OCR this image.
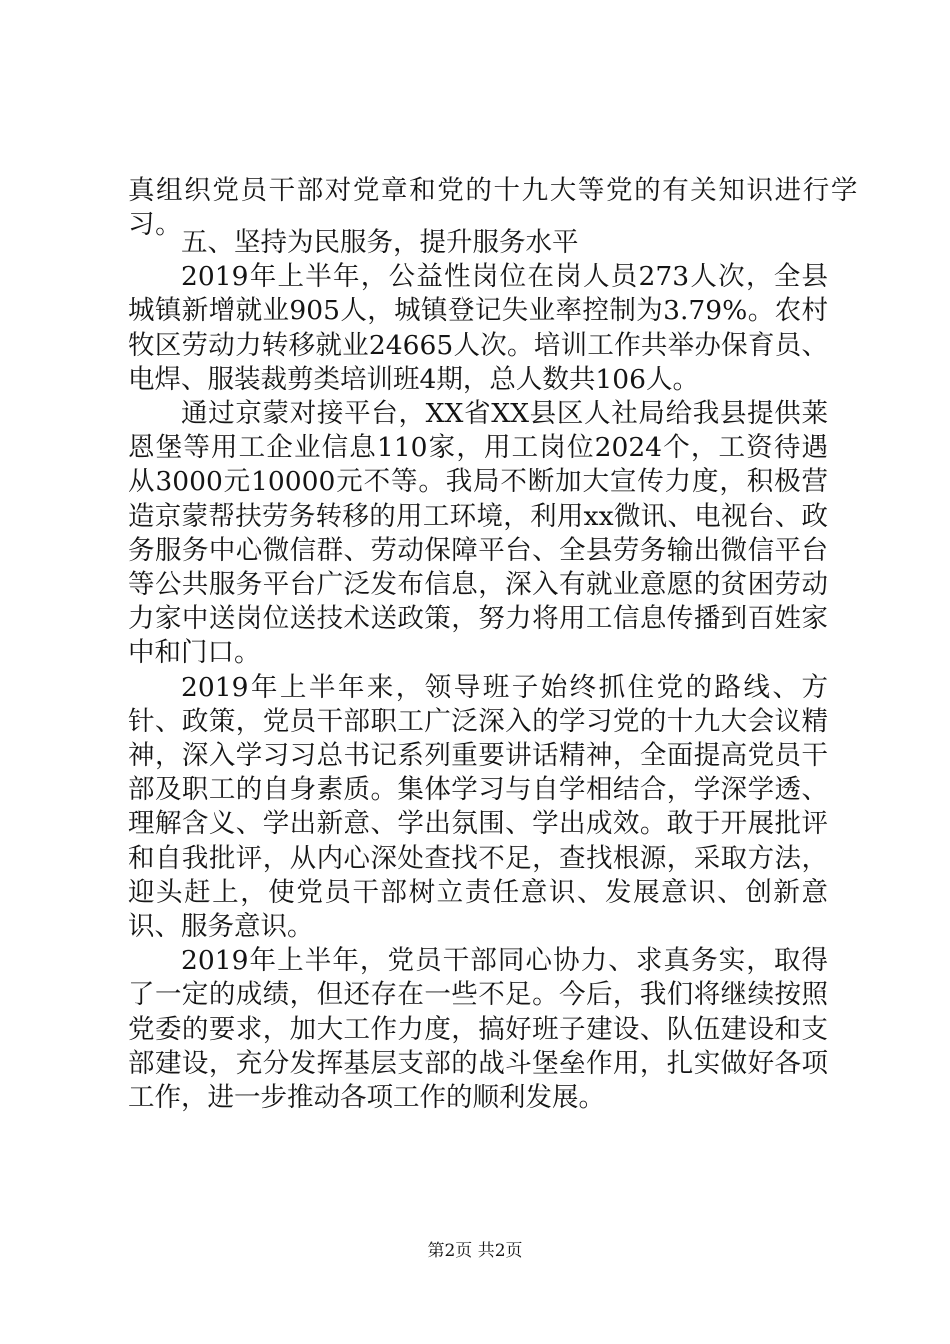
真组织党员干部对党章和党的十九大等党的有关知识进行学习。

五、坚持为民服务，提升服务水平

2019年上半年，公益性岗位在岗人员273人次，全县城镇新增就业905人，城镇登记失业率控制为3.79%。农村牧区劳动力转移就业24665人次。培训工作共举办保育员、电焊、服装裁剪类培训班4期，总人数共106人。

通过京蒙对接平台，XX省XX县区人社局给我县提供莱恩堡等用工企业信息110家，用工岗位2024个，工资待遇从3000元10000元不等。我局不断加大宣传力度，积极营造京蒙帮扶劳务转移的用工环境，利用xx微讯、电视台、政务服务中心微信群、劳动保障平台、全县劳务输出微信平台等公共服务平台广泛发布信息，深入有就业意愿的贫困劳动力家中送岗位送技术送政策，努力将用工信息传播到百姓家中和门口。

2019年上半年来，领导班子始终抓住党的路线、方针、政策，党员干部职工广泛深入的学习党的十九大会议精神，深入学习习总书记系列重要讲话精神，全面提高党员干部及职工的自身素质。集体学习与自学相结合，学深学透、理解含义、学出新意、学出氛围、学出成效。敢于开展批评和自我批评，从内心深处查找不足，查找根源，采取方法，迎头赶上，使党员干部树立责任意识、发展意识、创新意识、服务意识。

2019年上半年，党员干部同心协力、求真务实，取得了一定的成绩，但还存在一些不足。今后，我们将继续按照党委的要求，加大工作力度，搞好班子建设、队伍建设和支部建设，充分发挥基层支部的战斗堡垒作用，扎实做好各项工作，进一步推动各项工作的顺利发展。

第2页 共2页
